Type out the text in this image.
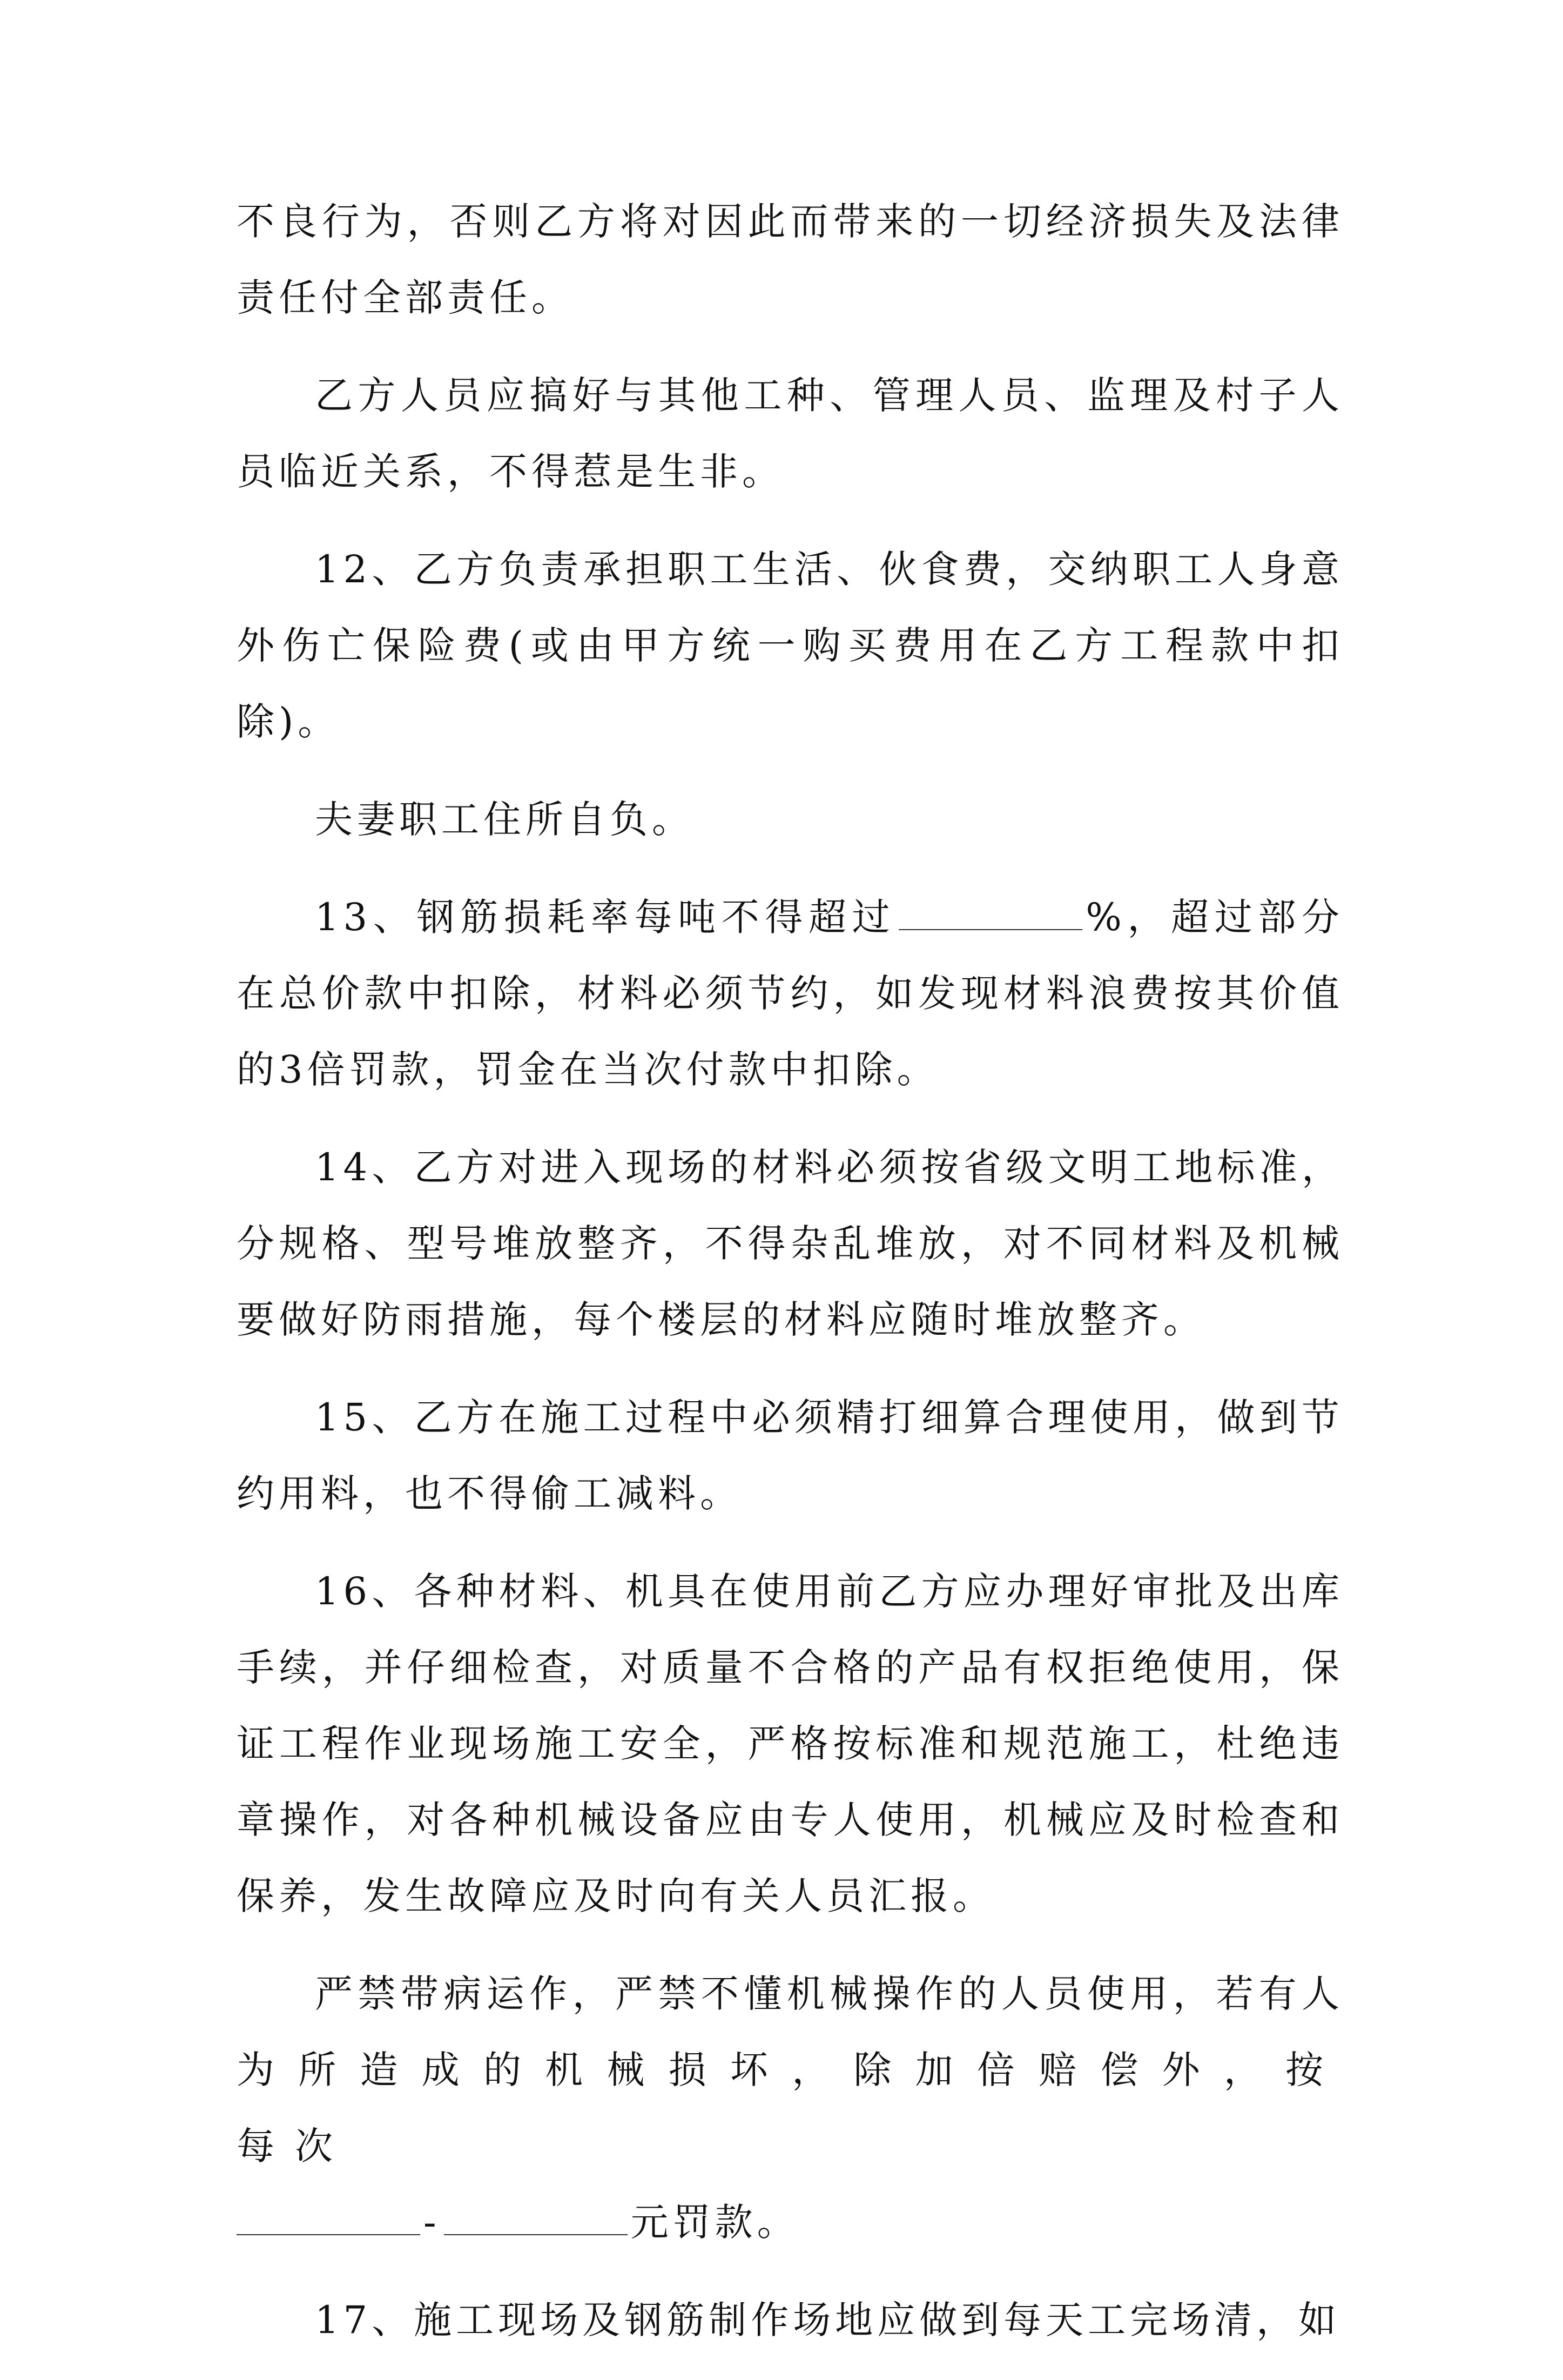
不良行为，否则乙方将对因此而带来的一切经济损失及法律责任付全部责任。

乙方人员应搞好与其他工种、管理人员、监理及村子人员临近关系，不得惹是生非。

12、乙方负责承担职工生活、伙食费，交纳职工人身意外伤亡保险费(或由甲方统一购买费用在乙方工程款中扣除)。

夫妻职工住所自负。

13、钢筋损耗率每吨不得超过	%，超过部分在总价款中扣除，材料必须节约，如发现材料浪费按其价值的3倍罚款，罚金在当次付款中扣除。

14、乙方对进入现场的材料必须按省级文明工地标准，分规格、型号堆放整齐，不得杂乱堆放，对不同材料及机械要做好防雨措施，每个楼层的材料应随时堆放整齐。

15、乙方在施工过程中必须精打细算合理使用，做到节约用料，也不得偷工减料。

16、各种材料、机具在使用前乙方应办理好审批及出库手续，并仔细检查，对质量不合格的产品有权拒绝使用，保证工程作业现场施工安全，严格按标准和规范施工，杜绝违章操作，对各种机械设备应由专人使用，机械应及时检查和保养，发生故障应及时向有关人员汇报。

严禁带病运作，严禁不懂机械操作的人员使用，若有人为所造成的机械损坏，除加倍赔偿外，按每次
-	元罚款。

17、施工现场及钢筋制作场地应做到每天工完场清，如
